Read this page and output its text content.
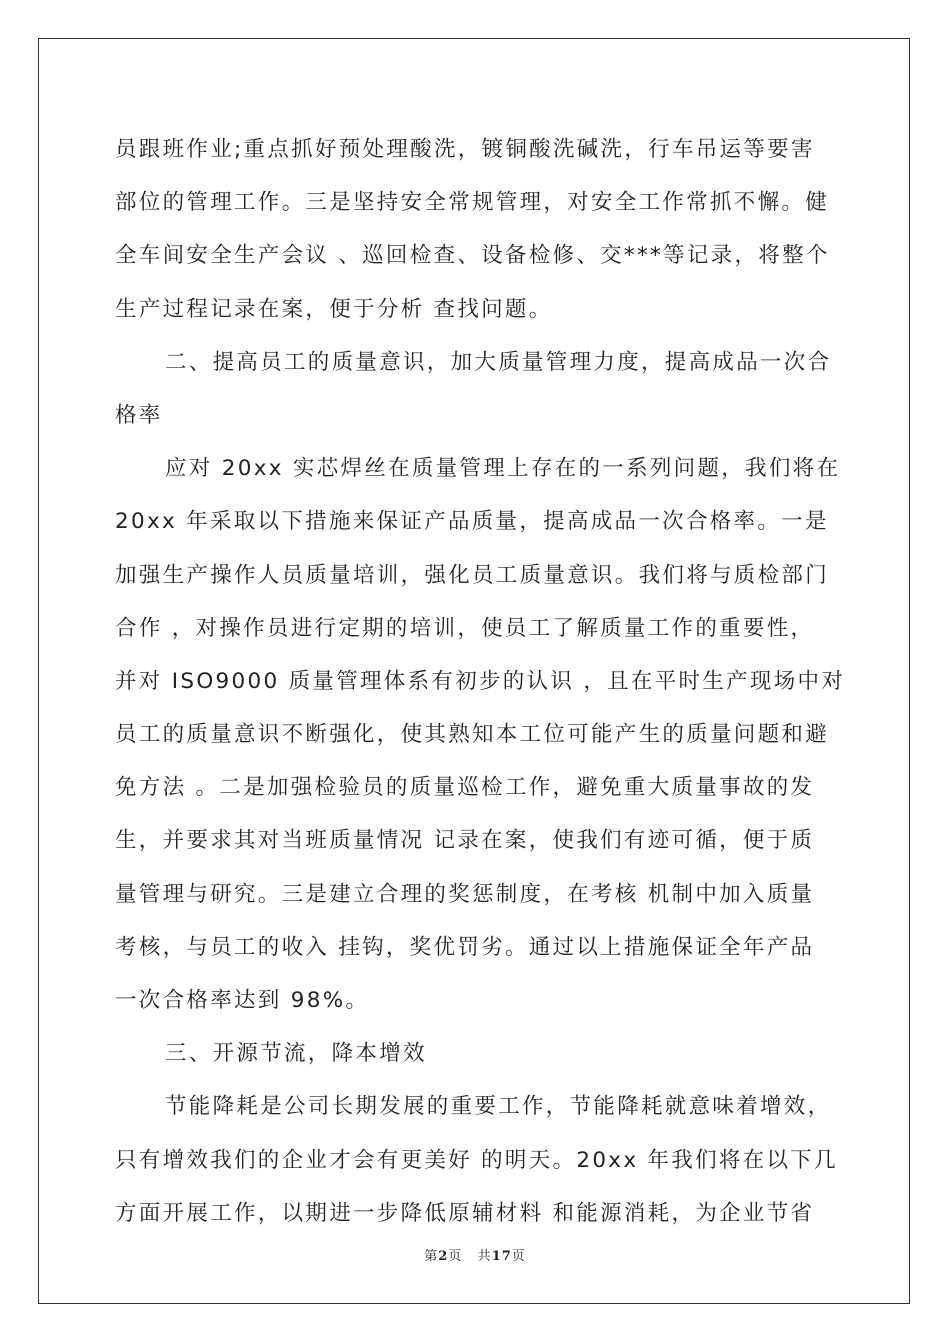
员跟班作业;重点抓好预处理酸洗，镀铜酸洗碱洗，行车吊运等要害
部位的管理工作。三是坚持安全常规管理，对安全工作常抓不懈。健
全车间安全生产会议 、巡回检查、设备检修、交***等记录，将整个
生产过程记录在案，便于分析 查找问题。
二、提高员工的质量意识，加大质量管理力度，提高成品一次合
格率
应对 20xx 实芯焊丝在质量管理上存在的一系列问题，我们将在
20xx 年采取以下措施来保证产品质量，提高成品一次合格率。一是
加强生产操作人员质量培训，强化员工质量意识。我们将与质检部门
合作 ，对操作员进行定期的培训，使员工了解质量工作的重要性，
并对 ISO9000 质量管理体系有初步的认识 ，且在平时生产现场中对
员工的质量意识不断强化，使其熟知本工位可能产生的质量问题和避
免方法 。二是加强检验员的质量巡检工作，避免重大质量事故的发
生，并要求其对当班质量情况 记录在案，使我们有迹可循，便于质
量管理与研究。三是建立合理的奖惩制度，在考核 机制中加入质量
考核，与员工的收入 挂钩，奖优罚劣。通过以上措施保证全年产品
一次合格率达到 98%。
三、开源节流，降本增效
节能降耗是公司长期发展的重要工作，节能降耗就意味着增效，
只有增效我们的企业才会有更美好 的明天。20xx 年我们将在以下几
方面开展工作，以期进一步降低原辅材料 和能源消耗，为企业节省
第2页 共17页
